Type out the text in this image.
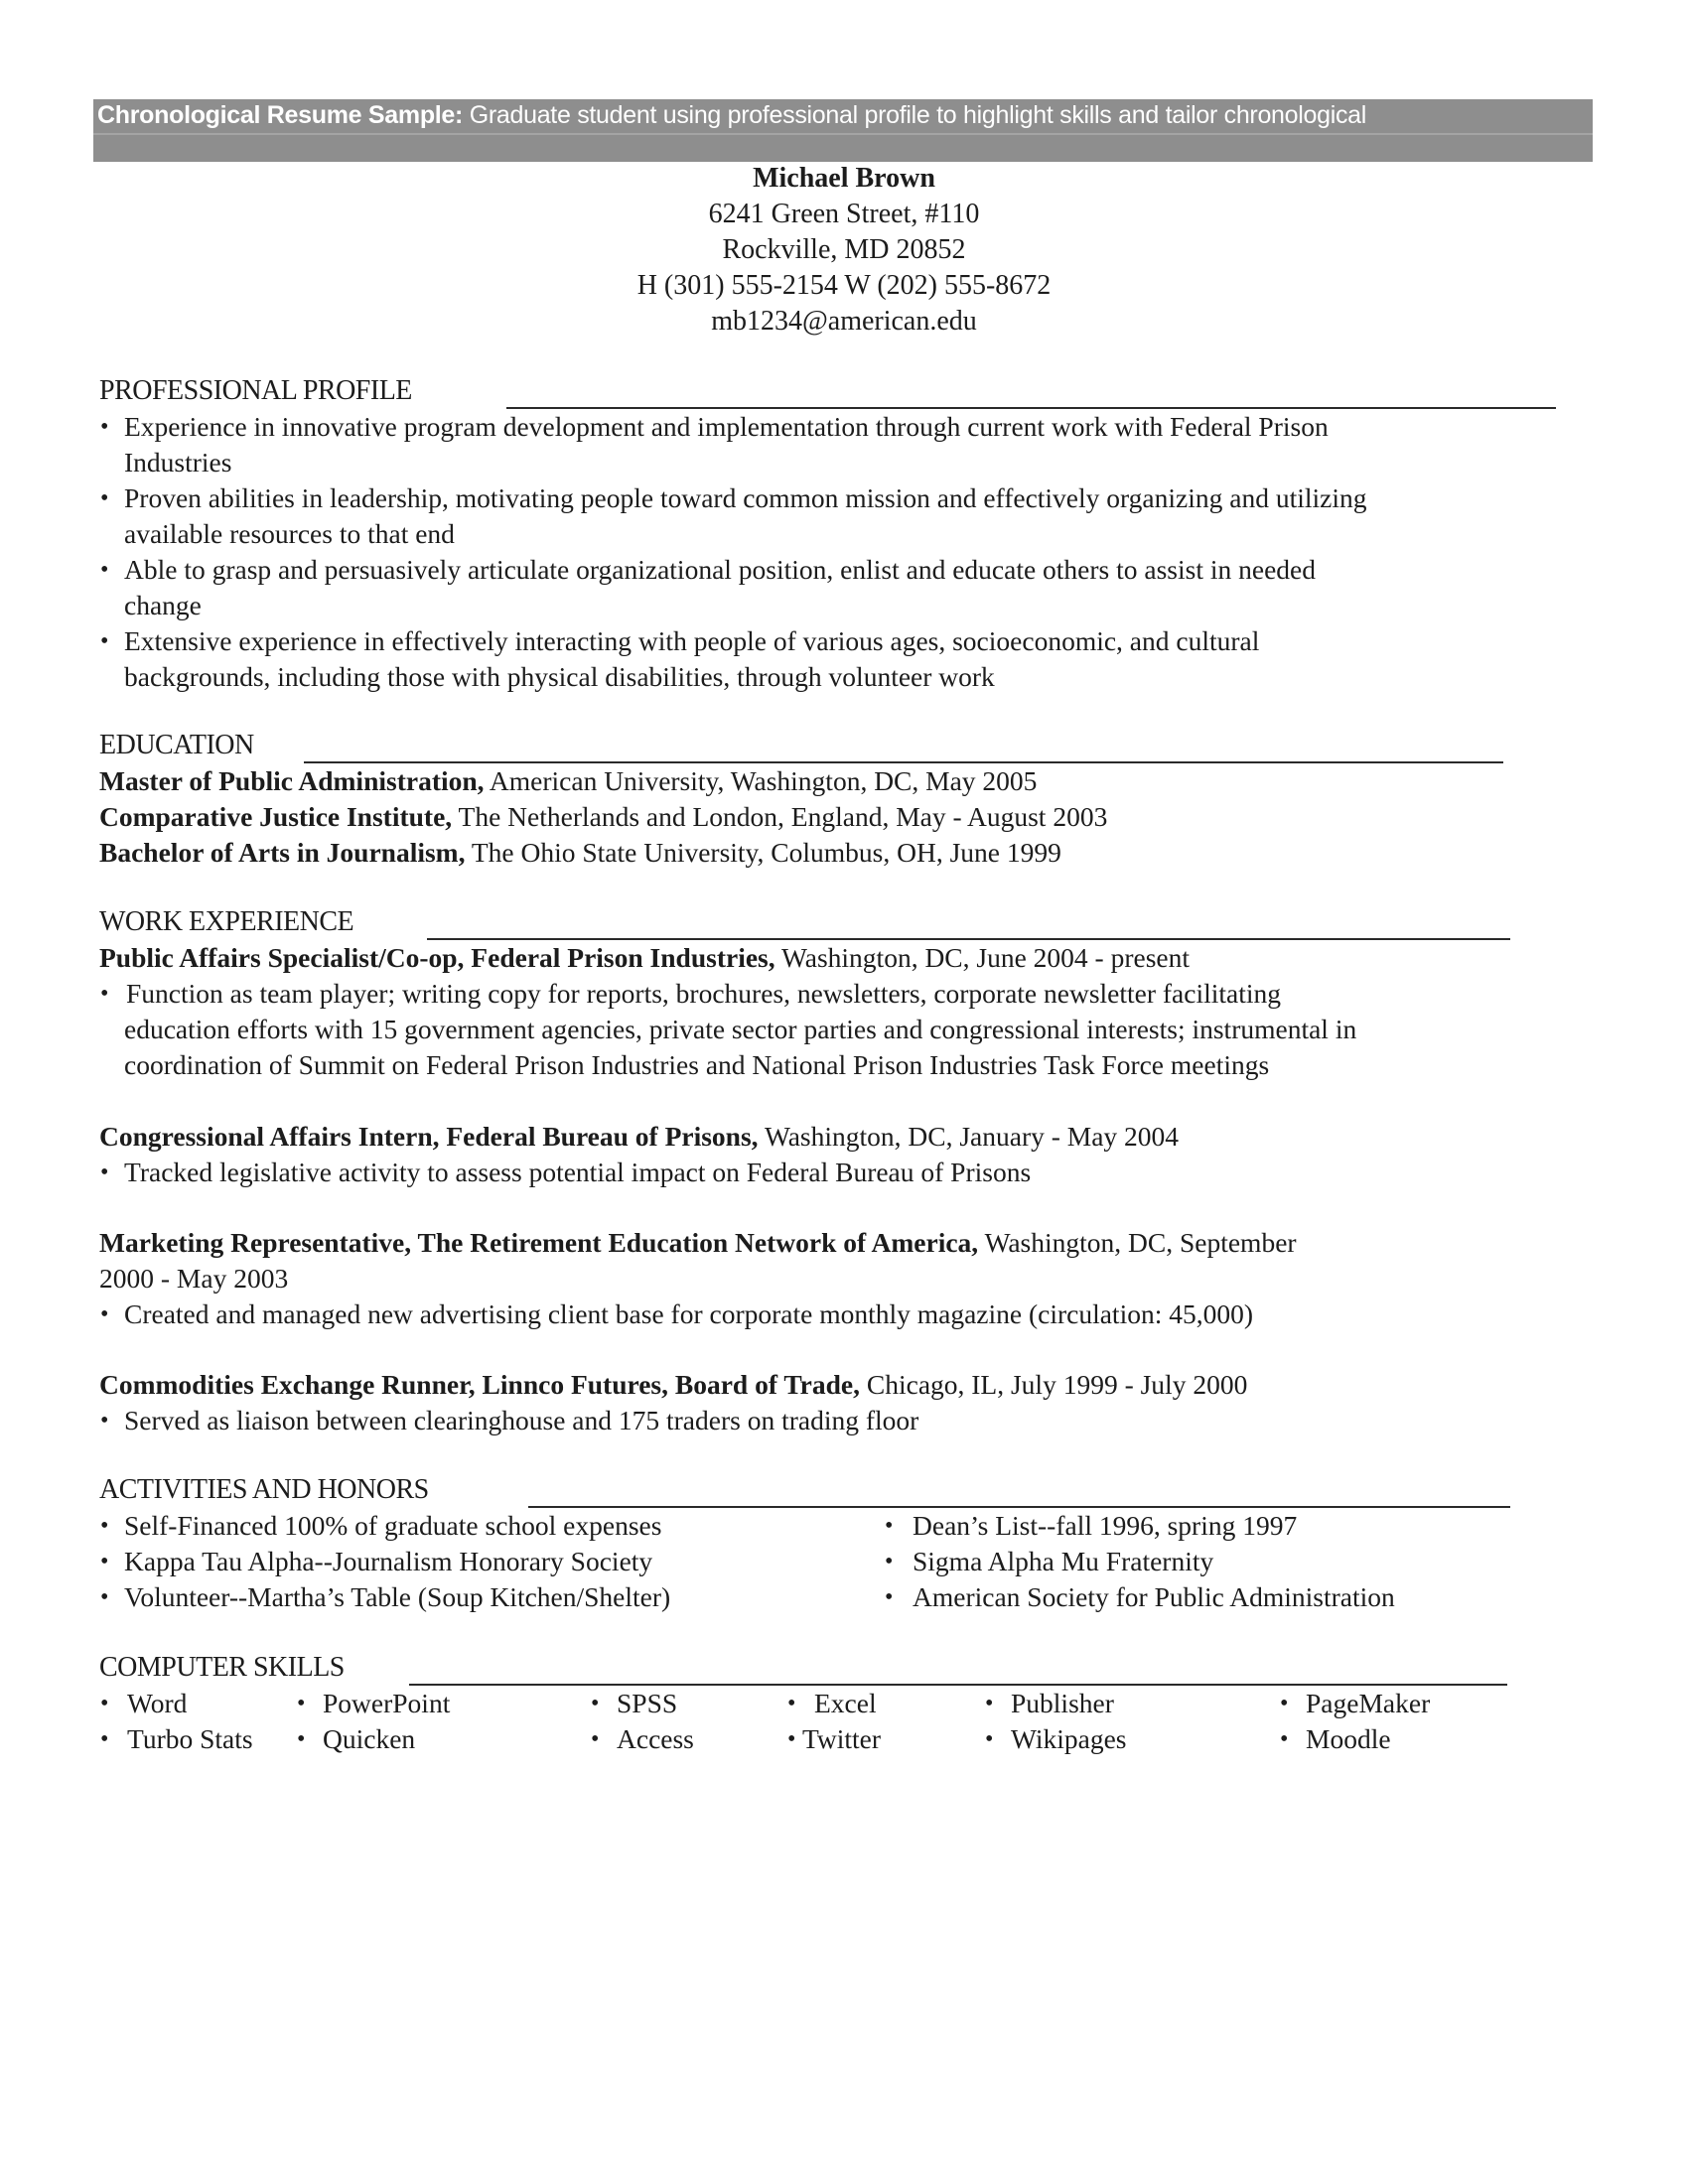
Chronological Resume Sample: Graduate student using professional profile to highlight skills and tailor chronological
Michael Brown
6241 Green Street, #110
Rockville, MD 20852
H (301) 555-2154 W (202) 555-8672
mb1234@american.edu
PROFESSIONAL PROFILE
• Experience in innovative program development and implementation through current work with Federal Prison
Industries
• Proven abilities in leadership, motivating people toward common mission and effectively organizing and utilizing
available resources to that end
• Able to grasp and persuasively articulate organizational position, enlist and educate others to assist in needed
change
• Extensive experience in effectively interacting with people of various ages, socioeconomic, and cultural
backgrounds, including those with physical disabilities, through volunteer work
EDUCATION
Master of Public Administration, American University, Washington, DC, May 2005
Comparative Justice Institute, The Netherlands and London, England, May - August 2003
Bachelor of Arts in Journalism, The Ohio State University, Columbus, OH, June 1999
WORK EXPERIENCE
Public Affairs Specialist/Co-op, Federal Prison Industries, Washington, DC, June 2004 - present
• Function as team player; writing copy for reports, brochures, newsletters, corporate newsletter facilitating
education efforts with 15 government agencies, private sector parties and congressional interests; instrumental in
coordination of Summit on Federal Prison Industries and National Prison Industries Task Force meetings
Congressional Affairs Intern, Federal Bureau of Prisons, Washington, DC, January - May 2004
• Tracked legislative activity to assess potential impact on Federal Bureau of Prisons
Marketing Representative, The Retirement Education Network of America, Washington, DC, September
2000 - May 2003
• Created and managed new advertising client base for corporate monthly magazine (circulation: 45,000)
Commodities Exchange Runner, Linnco Futures, Board of Trade, Chicago, IL, July 1999 - July 2000
• Served as liaison between clearinghouse and 175 traders on trading floor
ACTIVITIES AND HONORS
• Self-Financed 100% of graduate school expenses
• Kappa Tau Alpha--Journalism Honorary Society
• Volunteer--Martha’s Table (Soup Kitchen/Shelter)
• Dean’s List--fall 1996, spring 1997
• Sigma Alpha Mu Fraternity
• American Society for Public Administration
COMPUTER SKILLS
• Word	• PowerPoint	• SPSS	• Excel	• Publisher	• PageMaker
• Turbo Stats • Quicken	• Access	• Twitter	• Wikipages	• Moodle
